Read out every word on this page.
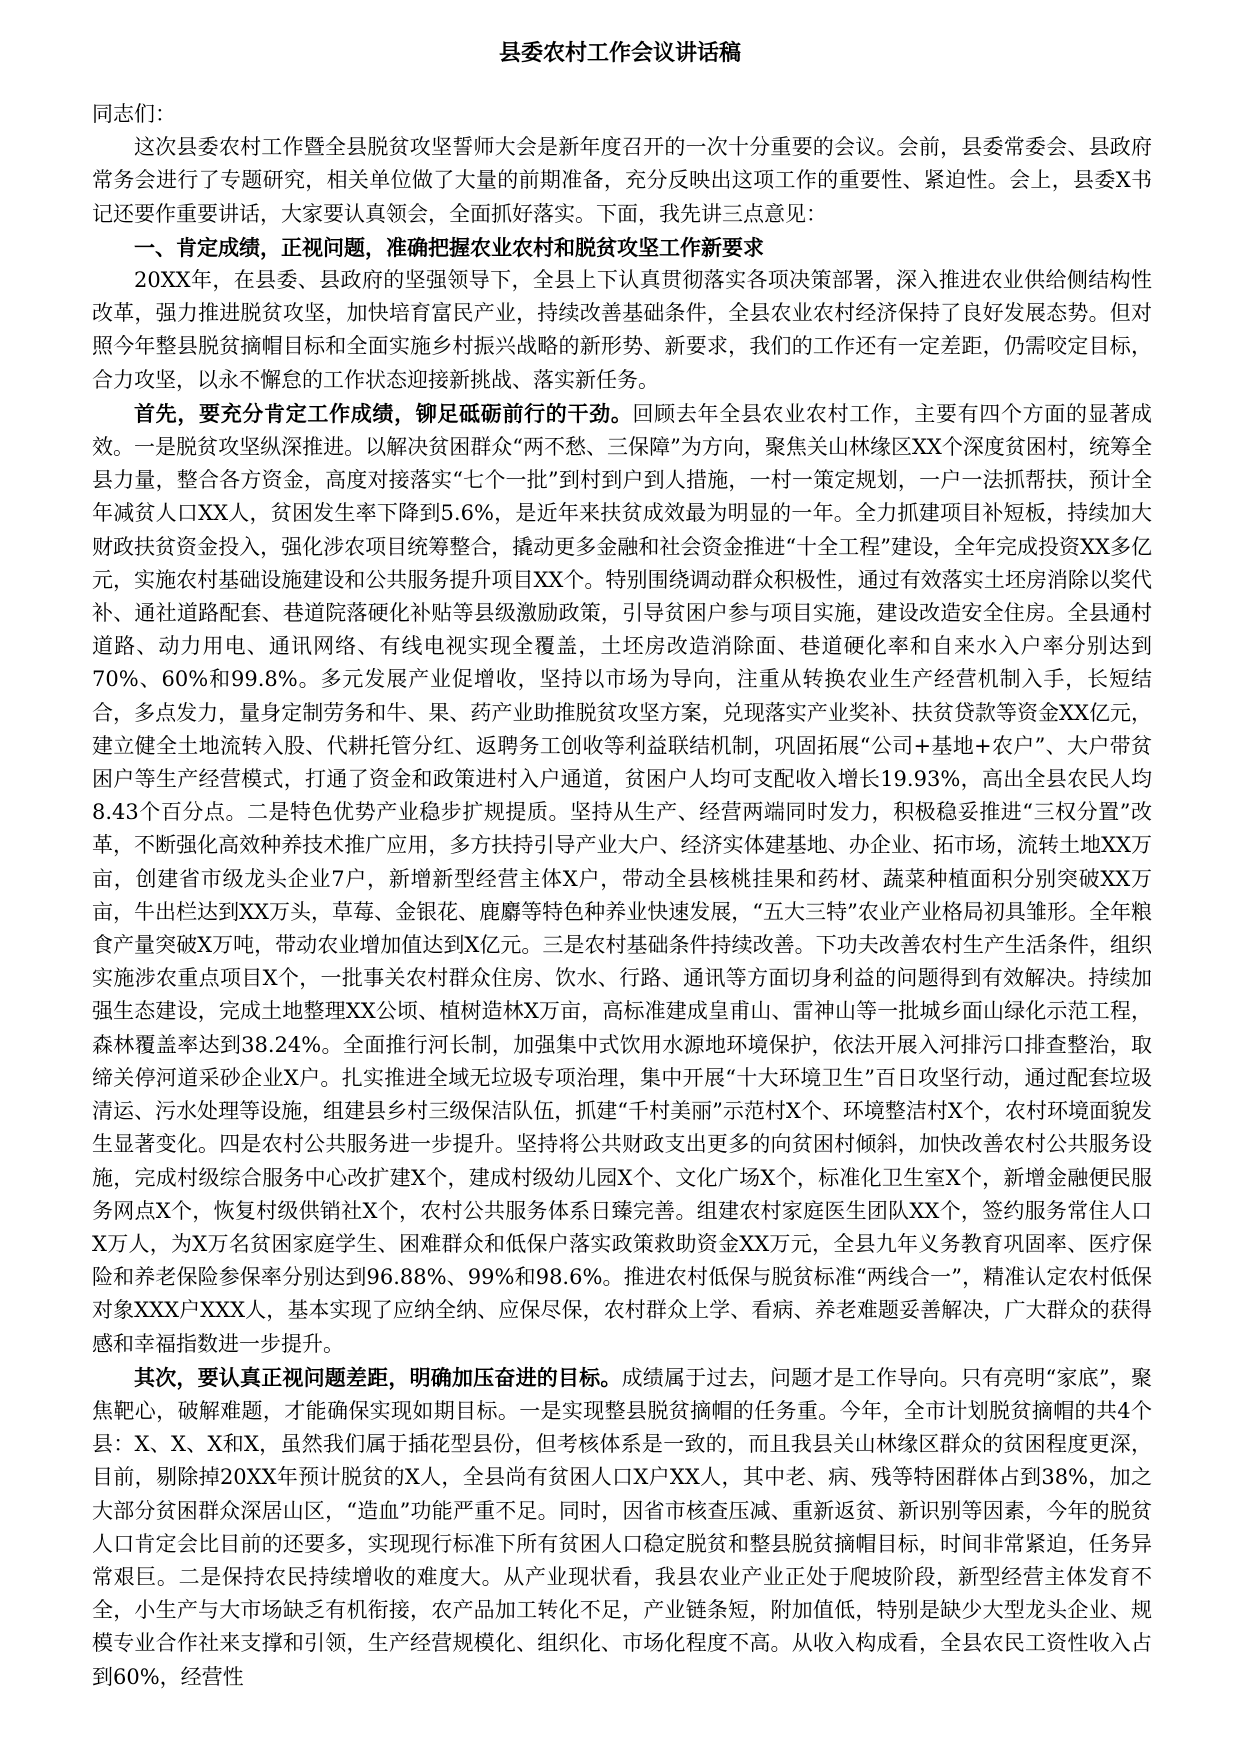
县委农村工作会议讲话稿

同志们：

这次县委农村工作暨全县脱贫攻坚誓师大会是新年度召开的一次十分重要的会议。会前，县委常委会、县政府常务会进行了专题研究，相关单位做了大量的前期准备，充分反映出这项工作的重要性、紧迫性。会上，县委X书记还要作重要讲话，大家要认真领会，全面抓好落实。下面，我先讲三点意见：

一、肯定成绩，正视问题，准确把握农业农村和脱贫攻坚工作新要求

20XX年，在县委、县政府的坚强领导下，全县上下认真贯彻落实各项决策部署，深入推进农业供给侧结构性改革，强力推进脱贫攻坚，加快培育富民产业，持续改善基础条件，全县农业农村经济保持了良好发展态势。但对照今年整县脱贫摘帽目标和全面实施乡村振兴战略的新形势、新要求，我们的工作还有一定差距，仍需咬定目标，合力攻坚，以永不懈怠的工作状态迎接新挑战、落实新任务。

首先，要充分肯定工作成绩，铆足砥砺前行的干劲。回顾去年全县农业农村工作，主要有四个方面的显著成效。一是脱贫攻坚纵深推进。以解决贫困群众“两不愁、三保障”为方向，聚焦关山林缘区XX个深度贫困村，统筹全县力量，整合各方资金，高度对接落实“七个一批”到村到户到人措施，一村一策定规划，一户一法抓帮扶，预计全年减贫人口XX人，贫困发生率下降到5.6%，是近年来扶贫成效最为明显的一年。全力抓建项目补短板，持续加大财政扶贫资金投入，强化涉农项目统筹整合，撬动更多金融和社会资金推进“十全工程”建设，全年完成投资XX多亿元，实施农村基础设施建设和公共服务提升项目XX个。特别围绕调动群众积极性，通过有效落实土坯房消除以奖代补、通社道路配套、巷道院落硬化补贴等县级激励政策，引导贫困户参与项目实施，建设改造安全住房。全县通村道路、动力用电、通讯网络、有线电视实现全覆盖，土坯房改造消除面、巷道硬化率和自来水入户率分别达到70%、60%和99.8%。多元发展产业促增收，坚持以市场为导向，注重从转换农业生产经营机制入手，长短结合，多点发力，量身定制劳务和牛、果、药产业助推脱贫攻坚方案，兑现落实产业奖补、扶贫贷款等资金XX亿元，建立健全土地流转入股、代耕托管分红、返聘务工创收等利益联结机制，巩固拓展“公司+基地+农户”、大户带贫困户等生产经营模式，打通了资金和政策进村入户通道，贫困户人均可支配收入增长19.93%，高出全县农民人均8.43个百分点。二是特色优势产业稳步扩规提质。坚持从生产、经营两端同时发力，积极稳妥推进“三权分置”改革，不断强化高效种养技术推广应用，多方扶持引导产业大户、经济实体建基地、办企业、拓市场，流转土地XX万亩，创建省市级龙头企业7户，新增新型经营主体X户，带动全县核桃挂果和药材、蔬菜种植面积分别突破XX万亩，牛出栏达到XX万头，草莓、金银花、鹿麝等特色种养业快速发展，“五大三特”农业产业格局初具雏形。全年粮食产量突破X万吨，带动农业增加值达到X亿元。三是农村基础条件持续改善。下功夫改善农村生产生活条件，组织实施涉农重点项目X个，一批事关农村群众住房、饮水、行路、通讯等方面切身利益的问题得到有效解决。持续加强生态建设，完成土地整理XX公顷、植树造林X万亩，高标准建成皇甫山、雷神山等一批城乡面山绿化示范工程，森林覆盖率达到38.24%。全面推行河长制，加强集中式饮用水源地环境保护，依法开展入河排污口排查整治，取缔关停河道采砂企业X户。扎实推进全域无垃圾专项治理，集中开展“十大环境卫生”百日攻坚行动，通过配套垃圾清运、污水处理等设施，组建县乡村三级保洁队伍，抓建“千村美丽”示范村X个、环境整洁村X个，农村环境面貌发生显著变化。四是农村公共服务进一步提升。坚持将公共财政支出更多的向贫困村倾斜，加快改善农村公共服务设施，完成村级综合服务中心改扩建X个，建成村级幼儿园X个、文化广场X个，标准化卫生室X个，新增金融便民服务网点X个，恢复村级供销社X个，农村公共服务体系日臻完善。组建农村家庭医生团队XX个，签约服务常住人口X万人，为X万名贫困家庭学生、困难群众和低保户落实政策救助资金XX万元，全县九年义务教育巩固率、医疗保险和养老保险参保率分别达到96.88%、99%和98.6%。推进农村低保与脱贫标准“两线合一”，精准认定农村低保对象XXX户XXX人，基本实现了应纳全纳、应保尽保，农村群众上学、看病、养老难题妥善解决，广大群众的获得感和幸福指数进一步提升。

其次，要认真正视问题差距，明确加压奋进的目标。成绩属于过去，问题才是工作导向。只有亮明“家底”，聚焦靶心，破解难题，才能确保实现如期目标。一是实现整县脱贫摘帽的任务重。今年，全市计划脱贫摘帽的共4个县：X、X、X和X，虽然我们属于插花型县份，但考核体系是一致的，而且我县关山林缘区群众的贫困程度更深，目前，剔除掉20XX年预计脱贫的X人，全县尚有贫困人口X户XX人，其中老、病、残等特困群体占到38%，加之大部分贫困群众深居山区，“造血”功能严重不足。同时，因省市核查压减、重新返贫、新识别等因素，今年的脱贫人口肯定会比目前的还要多，实现现行标准下所有贫困人口稳定脱贫和整县脱贫摘帽目标，时间非常紧迫，任务异常艰巨。二是保持农民持续增收的难度大。从产业现状看，我县农业产业正处于爬坡阶段，新型经营主体发育不全，小生产与大市场缺乏有机衔接，农产品加工转化不足，产业链条短，附加值低，特别是缺少大型龙头企业、规模专业合作社来支撑和引领，生产经营规模化、组织化、市场化程度不高。从收入构成看，全县农民工资性收入占到60%，经营性
